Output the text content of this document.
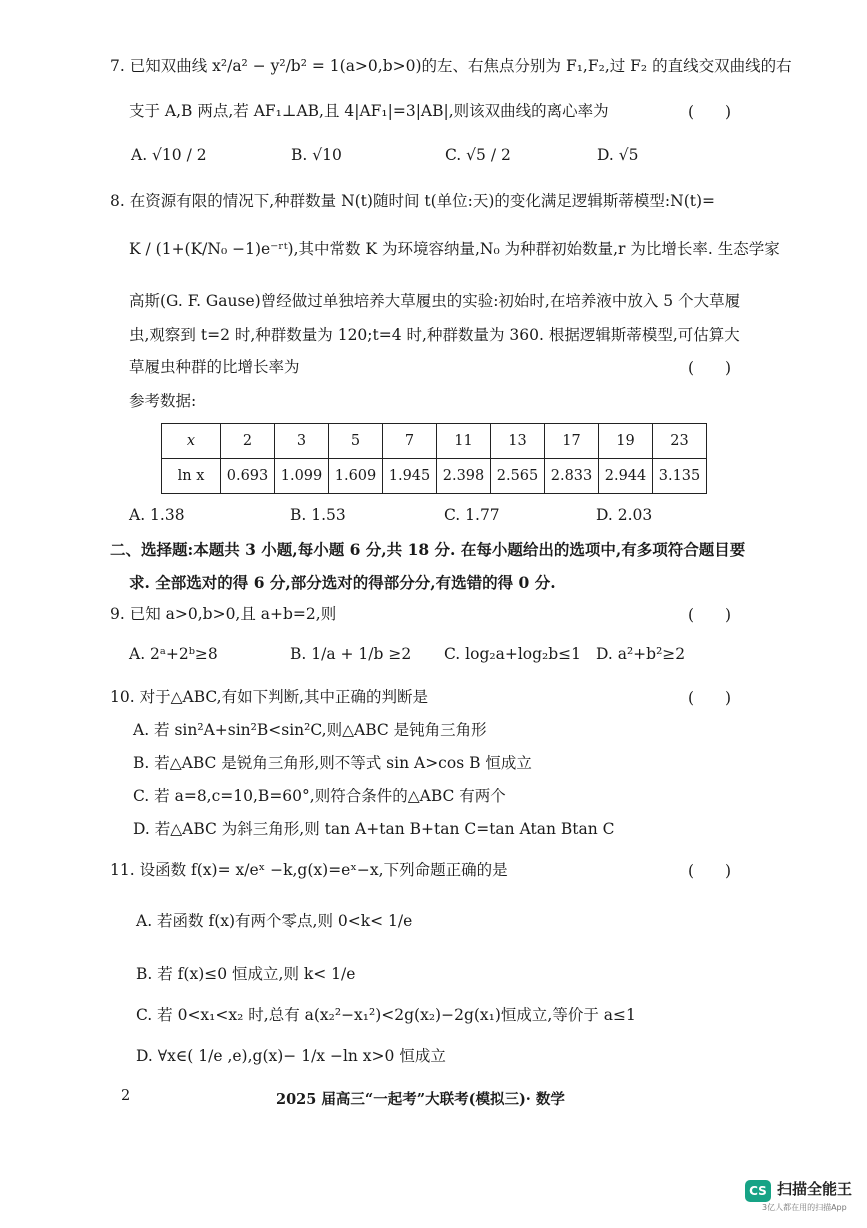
7. 已知双曲线 x²/a² − y²/b² = 1(a>0,b>0)的左、右焦点分别为 F₁,F₂,过 F₂ 的直线交双曲线的右
支于 A,B 两点,若 AF₁⊥AB,且 4|AF₁|=3|AB|,则该双曲线的离心率为	(　　)
A. √10 / 2	B. √10	C. √5 / 2	D. √5
8. 在资源有限的情况下,种群数量 N(t)随时间 t(单位:天)的变化满足逻辑斯蒂模型:N(t)=
K / (1+(K/N₀ −1)e⁻ʳᵗ),其中常数 K 为环境容纳量,N₀ 为种群初始数量,r 为比增长率. 生态学家
高斯(G. F. Gause)曾经做过单独培养大草履虫的实验:初始时,在培养液中放入 5 个大草履
虫,观察到 t=2 时,种群数量为 120;t=4 时,种群数量为 360. 根据逻辑斯蒂模型,可估算大
草履虫种群的比增长率为	(　　)
参考数据:
x	2	3	5	7	11	13	17	19	23
ln x	0.693	1.099	1.609	1.945	2.398	2.565	2.833	2.944	3.135
A. 1.38	B. 1.53	C. 1.77	D. 2.03
二、选择题:本题共 3 小题,每小题 6 分,共 18 分. 在每小题给出的选项中,有多项符合题目要
求. 全部选对的得 6 分,部分选对的得部分分,有选错的得 0 分.
9. 已知 a>0,b>0,且 a+b=2,则	(　　)
A. 2ᵃ+2ᵇ≥8	B. 1/a + 1/b ≥2 C. log₂a+log₂b≤1 D. a²+b²≥2
10. 对于△ABC,有如下判断,其中正确的判断是	(　　)
A. 若 sin²A+sin²B<sin²C,则△ABC 是钝角三角形
B. 若△ABC 是锐角三角形,则不等式 sin A>cos B 恒成立
C. 若 a=8,c=10,B=60°,则符合条件的△ABC 有两个
D. 若△ABC 为斜三角形,则 tan A+tan B+tan C=tan Atan Btan C
11. 设函数 f(x)= x/eˣ −k,g(x)=eˣ−x,下列命题正确的是	(　　)
A. 若函数 f(x)有两个零点,则 0<k< 1/e
B. 若 f(x)≤0 恒成立,则 k< 1/e
C. 若 0<x₁<x₂ 时,总有 a(x₂²−x₁²)<2g(x₂)−2g(x₁)恒成立,等价于 a≤1
D. ∀x∈( 1/e ,e),g(x)− 1/x −ln x>0 恒成立
2	2025 届高三“一起考”大联考(模拟三)· 数学
CS 扫描全能王
3亿人都在用的扫描App
